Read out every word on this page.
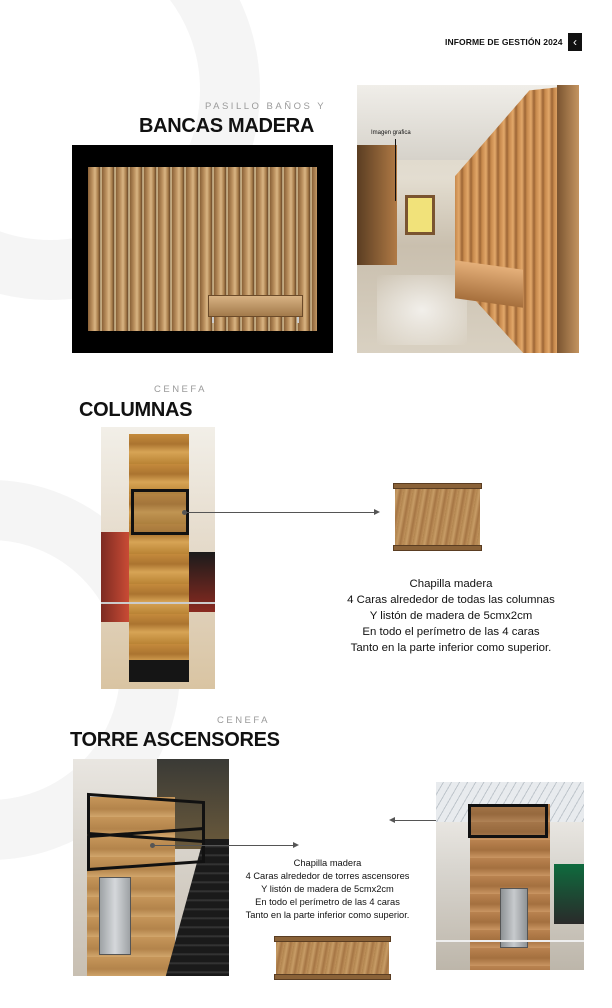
INFORME DE GESTIÓN 2024 ‹
PASILLO BAÑOS Y
BANCAS MADERA	Imagen grafica
CENEFA
COLUMNAS
Chapilla madera
4 Caras alrededor de todas las columnas
Y listón de madera de 5cmx2cm
En todo el perímetro de las 4 caras
Tanto en la parte inferior como superior.
CENEFA
TORRE ASCENSORES
Chapilla madera
4 Caras alrededor de torres ascensores
Y listón de madera de 5cmx2cm
En todo el perímetro de las 4 caras
Tanto en la parte inferior como superior.
